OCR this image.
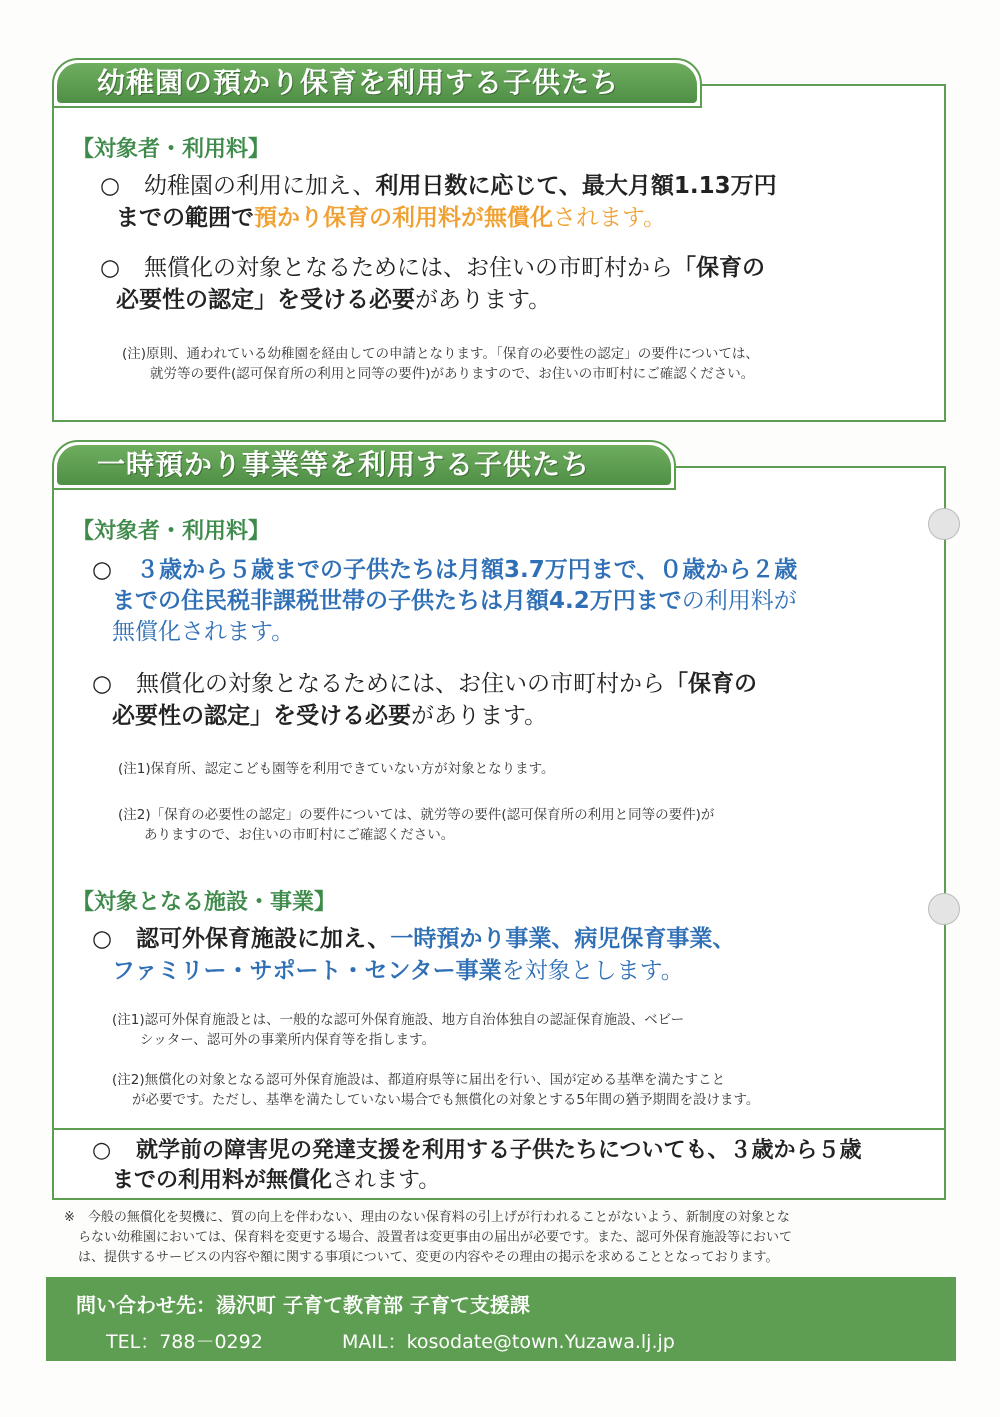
幼稚園の預かり保育を利用する子供たち
【対象者・利用料】
○ 幼稚園の利用に加え、利用日数に応じて、最大月額1.13万円
までの範囲で預かり保育の利用料が無償化されます。
○ 無償化の対象となるためには、お住いの市町村から「保育の
必要性の認定」を受ける必要があります。
(注)原則、通われている幼稚園を経由しての申請となります。「保育の必要性の認定」の要件については、
就労等の要件(認可保育所の利用と同等の要件)がありますので、お住いの市町村にご確認ください。
一時預かり事業等を利用する子供たち
【対象者・利用料】
○ ３歳から５歳までの子供たちは月額3.7万円まで、０歳から２歳
までの住民税非課税世帯の子供たちは月額4.2万円までの利用料が
無償化されます。
○ 無償化の対象となるためには、お住いの市町村から「保育の
必要性の認定」を受ける必要があります。
(注1)保育所、認定こども園等を利用できていない方が対象となります。
(注2)「保育の必要性の認定」の要件については、就労等の要件(認可保育所の利用と同等の要件)が
ありますので、お住いの市町村にご確認ください。
【対象となる施設・事業】
○ 認可外保育施設に加え、一時預かり事業、病児保育事業、
ファミリー・サポート・センター事業を対象とします。
(注1)認可外保育施設とは、一般的な認可外保育施設、地方自治体独自の認証保育施設、ベビー
シッター、認可外の事業所内保育等を指します。
(注2)無償化の対象となる認可外保育施設は、都道府県等に届出を行い、国が定める基準を満たすこと
が必要です。ただし、基準を満たしていない場合でも無償化の対象とする5年間の猶予期間を設けます。
○ 就学前の障害児の発達支援を利用する子供たちについても、３歳から５歳
までの利用料が無償化されます。
※　今般の無償化を契機に、質の向上を伴わない、理由のない保育料の引上げが行われることがないよう、新制度の対象とな
らない幼稚園においては、保育料を変更する場合、設置者は変更事由の届出が必要です。また、認可外保育施設等において
は、提供するサービスの内容や額に関する事項について、変更の内容やその理由の掲示を求めることとなっております。
問い合わせ先：湯沢町 子育て教育部 子育て支援課
TEL：788－0292	MAIL：kosodate@town.Yuzawa.lj.jp
